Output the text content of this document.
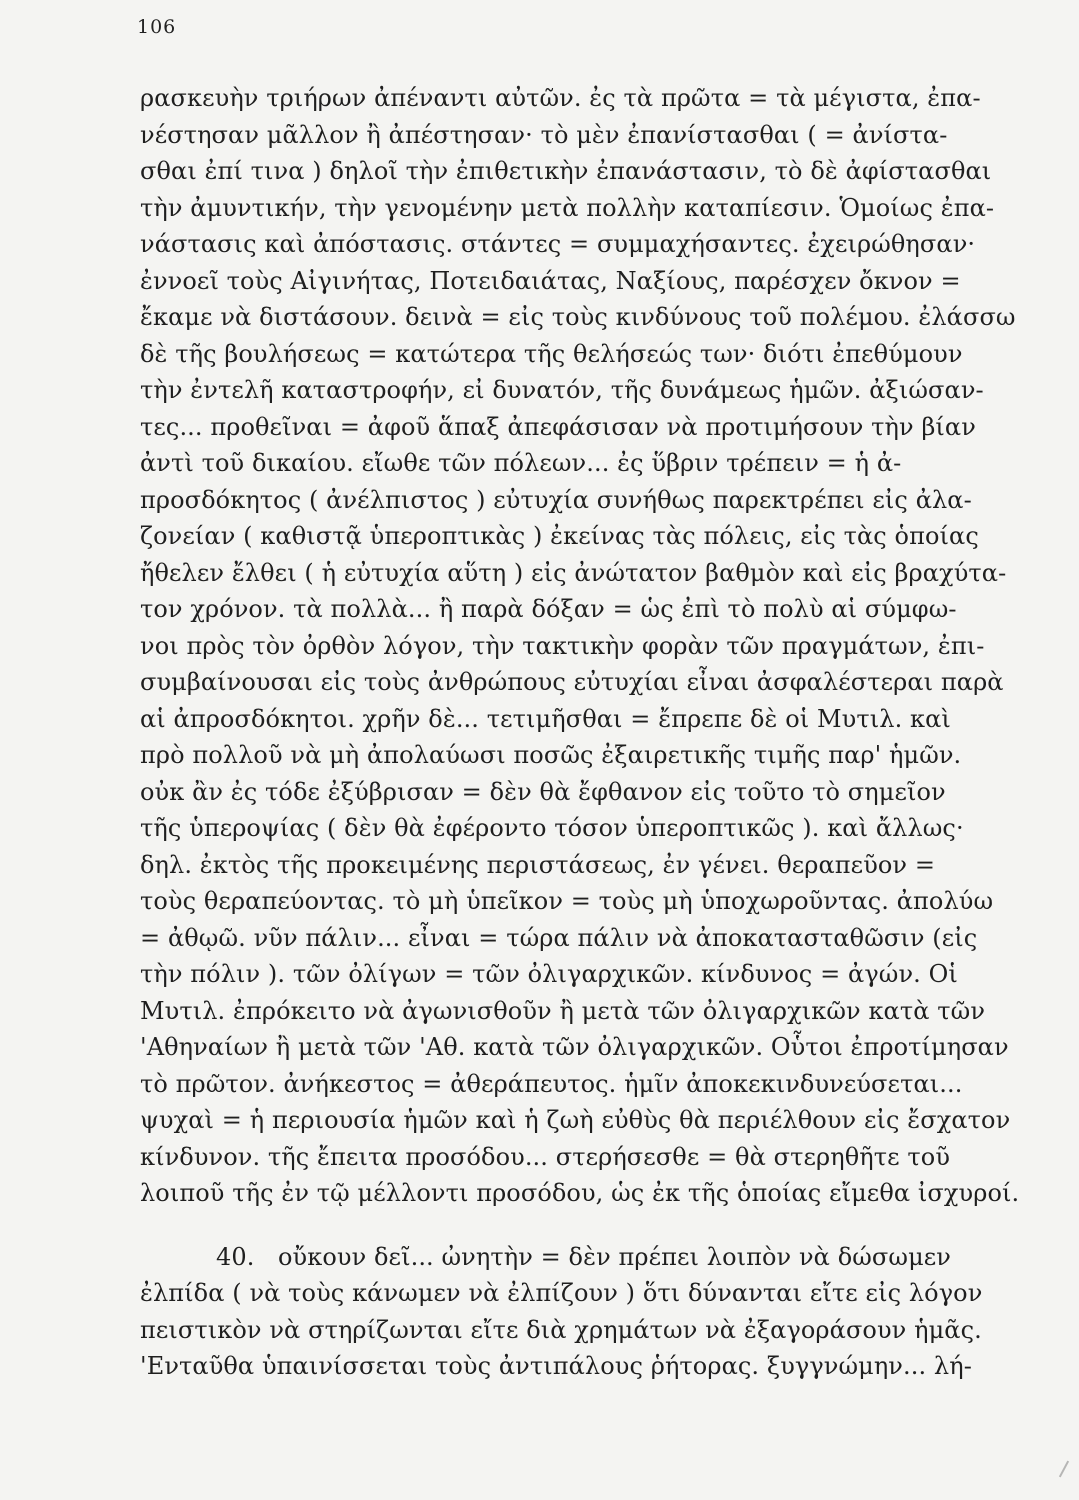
106
ρασκευὴν τριήρων ἀπέναντι αὐτῶν. ἐς τὰ πρῶτα = τὰ μέγιστα, ἐπα-
νέστησαν μᾶλλον ἢ ἀπέστησαν· τὸ μὲν ἐπανίστασθαι ( = ἀνίστα-
σθαι ἐπί τινα ) δηλοῖ τὴν ἐπιθετικὴν ἐπανάστασιν, τὸ δὲ ἀφίστασθαι
τὴν ἀμυντικήν, τὴν γενομένην μετὰ πολλὴν καταπίεσιν. Ὁμοίως ἐπα-
νάστασις καὶ ἀπόστασις. στάντες = συμμαχήσαντες. ἐχειρώθησαν·
ἐννοεῖ τοὺς Αἰγινήτας, Ποτειδαιάτας, Ναξίους, παρέσχεν ὄκνον =
ἔκαμε νὰ διστάσουν. δεινὰ = εἰς τοὺς κινδύνους τοῦ πολέμου. ἐλάσσω
δὲ τῆς βουλήσεως = κατώτερα τῆς θελήσεώς των· διότι ἐπεθύμουν
τὴν ἐντελῆ καταστροφήν, εἰ δυνατόν, τῆς δυνάμεως ἡμῶν. ἀξιώσαν-
τες... προθεῖναι = ἀφοῦ ἅπαξ ἀπεφάσισαν νὰ προτιμήσουν τὴν βίαν
ἀντὶ τοῦ δικαίου. εἴωθε τῶν πόλεων... ἐς ὕβριν τρέπειν = ἡ ἀ-
προσδόκητος ( ἀνέλπιστος ) εὐτυχία συνήθως παρεκτρέπει εἰς ἀλα-
ζονείαν ( καθιστᾷ ὑπεροπτικὰς ) ἐκείνας τὰς πόλεις, εἰς τὰς ὁποίας
ἤθελεν ἔλθει ( ἡ εὐτυχία αὕτη ) εἰς ἀνώτατον βαθμὸν καὶ εἰς βραχύτα-
τον χρόνον. τὰ πολλὰ... ἢ παρὰ δόξαν = ὡς ἐπὶ τὸ πολὺ αἱ σύμφω-
νοι πρὸς τὸν ὀρθὸν λόγον, τὴν τακτικὴν φορὰν τῶν πραγμάτων, ἐπι-
συμβαίνουσαι εἰς τοὺς ἀνθρώπους εὐτυχίαι εἶναι ἀσφαλέστεραι παρὰ
αἱ ἀπροσδόκητοι. χρῆν δὲ... τετιμῆσθαι = ἔπρεπε δὲ οἱ Μυτιλ. καὶ
πρὸ πολλοῦ νὰ μὴ ἀπολαύωσι ποσῶς ἐξαιρετικῆς τιμῆς παρ' ἡμῶν.
οὐκ ἂν ἐς τόδε ἐξύβρισαν = δὲν θὰ ἔφθανον εἰς τοῦτο τὸ σημεῖον
τῆς ὑπεροψίας ( δὲν θὰ ἐφέροντο τόσον ὑπεροπτικῶς ). καὶ ἄλλως·
δηλ. ἐκτὸς τῆς προκειμένης περιστάσεως, ἐν γένει. θεραπεῦον =
τοὺς θεραπεύοντας. τὸ μὴ ὑπεῖκον = τοὺς μὴ ὑποχωροῦντας. ἀπολύω
= ἀθῳῶ. νῦν πάλιν... εἶναι = τώρα πάλιν νὰ ἀποκατασταθῶσιν (εἰς
τὴν πόλιν ). τῶν ὀλίγων = τῶν ὀλιγαρχικῶν. κίνδυνος = ἀγών. Οἱ
Μυτιλ. ἐπρόκειτο νὰ ἀγωνισθοῦν ἢ μετὰ τῶν ὀλιγαρχικῶν κατὰ τῶν
'Αθηναίων ἢ μετὰ τῶν 'Αθ. κατὰ τῶν ὀλιγαρχικῶν. Οὗτοι ἐπροτίμησαν
τὸ πρῶτον. ἀνήκεστος = ἀθεράπευτος. ἡμῖν ἀποκεκινδυνεύσεται...
ψυχαὶ = ἡ περιουσία ἡμῶν καὶ ἡ ζωὴ εὐθὺς θὰ περιέλθουν εἰς ἔσχατον
κίνδυνον. τῆς ἔπειτα προσόδου... στερήσεσθε = θὰ στερηθῆτε τοῦ
λοιποῦ τῆς ἐν τῷ μέλλοντι προσόδου, ὡς ἐκ τῆς ὁποίας εἴμεθα ἰσχυροί.
40. οὔκουν δεῖ... ὠνητὴν = δὲν πρέπει λοιπὸν νὰ δώσωμεν
ἐλπίδα ( νὰ τοὺς κάνωμεν νὰ ἐλπίζουν ) ὅτι δύνανται εἴτε εἰς λόγον
πειστικὸν νὰ στηρίζωνται εἴτε διὰ χρημάτων νὰ ἐξαγοράσουν ἡμᾶς.
'Ενταῦθα ὑπαινίσσεται τοὺς ἀντιπάλους ῥήτορας. ξυγγνώμην... λή-
